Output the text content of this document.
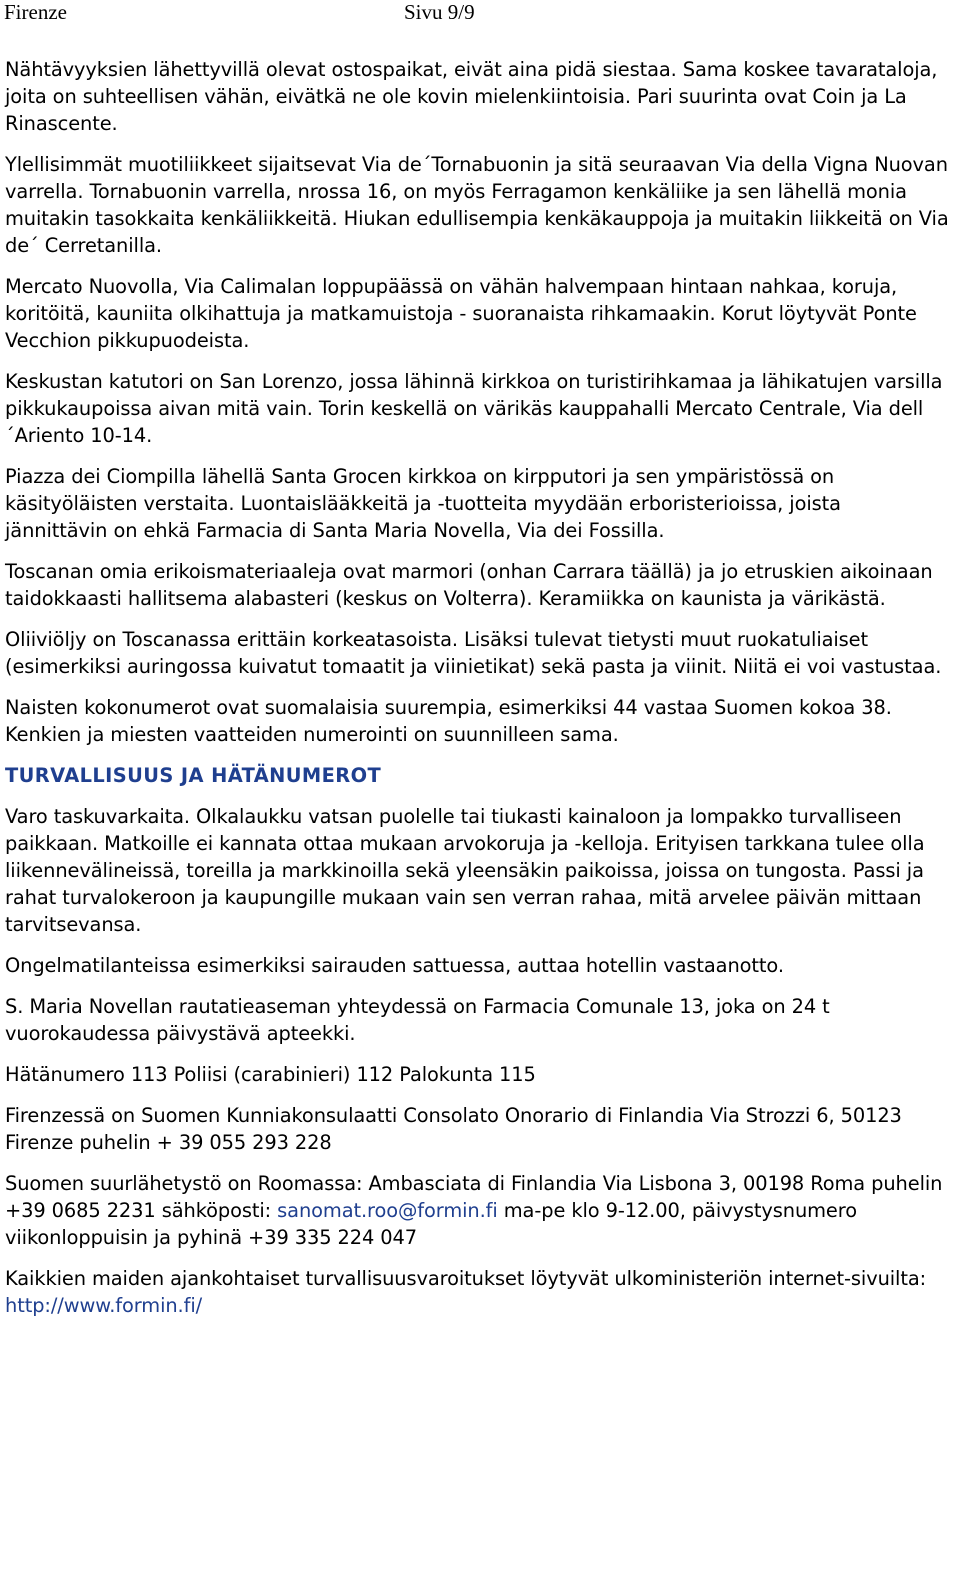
Firenze	Sivu 9/9

Nähtävyyksien lähettyvillä olevat ostospaikat, eivät aina pidä siestaa. Sama koskee tavarataloja, joita on suhteellisen vähän, eivätkä ne ole kovin mielenkiintoisia. Pari suurinta ovat Coin ja La Rinascente.

Ylellisimmät muotiliikkeet sijaitsevat Via de´Tornabuonin ja sitä seuraavan Via della Vigna Nuovan varrella. Tornabuonin varrella, nrossa 16, on myös Ferragamon kenkäliike ja sen lähellä monia muitakin tasokkaita kenkäliikkeitä. Hiukan edullisempia kenkäkauppoja ja muitakin liikkeitä on Via de´ Cerretanilla.

Mercato Nuovolla, Via Calimalan loppupäässä on vähän halvempaan hintaan nahkaa, koruja, koritöitä, kauniita olkihattuja ja matkamuistoja - suoranaista rihkamaakin. Korut löytyvät Ponte Vecchion pikkupuodeista.

Keskustan katutori on San Lorenzo, jossa lähinnä kirkkoa on turistirihkamaa ja lähikatujen varsilla pikkukaupoissa aivan mitä vain. Torin keskellä on värikäs kauppahalli Mercato Centrale, Via dell´Ariento 10-14.

Piazza dei Ciompilla lähellä Santa Grocen kirkkoa on kirpputori ja sen ympäristössä on käsityöläisten verstaita. Luontaislääkkeitä ja -tuotteita myydään erboristerioissa, joista jännittävin on ehkä Farmacia di Santa Maria Novella, Via dei Fossilla.

Toscanan omia erikoismateriaaleja ovat marmori (onhan Carrara täällä) ja jo etruskien aikoinaan taidokkaasti hallitsema alabasteri (keskus on Volterra). Keramiikka on kaunista ja värikästä.

Oliiviöljy on Toscanassa erittäin korkeatasoista. Lisäksi tulevat tietysti muut ruokatuliaiset (esimerkiksi auringossa kuivatut tomaatit ja viinietikat) sekä pasta ja viinit. Niitä ei voi vastustaa.

Naisten kokonumerot ovat suomalaisia suurempia, esimerkiksi 44 vastaa Suomen kokoa 38. Kenkien ja miesten vaatteiden numerointi on suunnilleen sama.

TURVALLISUUS JA HÄTÄNUMEROT

Varo taskuvarkaita. Olkalaukku vatsan puolelle tai tiukasti kainaloon ja lompakko turvalliseen paikkaan. Matkoille ei kannata ottaa mukaan arvokoruja ja -kelloja. Erityisen tarkkana tulee olla liikennevälineissä, toreilla ja markkinoilla sekä yleensäkin paikoissa, joissa on tungosta. Passi ja rahat turvalokeroon ja kaupungille mukaan vain sen verran rahaa, mitä arvelee päivän mittaan tarvitsevansa.

Ongelmatilanteissa esimerkiksi sairauden sattuessa, auttaa hotellin vastaanotto.

S. Maria Novellan rautatieaseman yhteydessä on Farmacia Comunale 13, joka on 24 t vuorokaudessa päivystävä apteekki.

Hätänumero 113 Poliisi (carabinieri) 112 Palokunta 115

Firenzessä on Suomen Kunniakonsulaatti Consolato Onorario di Finlandia Via Strozzi 6, 50123 Firenze puhelin + 39 055 293 228

Suomen suurlähetystö on Roomassa: Ambasciata di Finlandia Via Lisbona 3, 00198 Roma puhelin +39 0685 2231 sähköposti: sanomat.roo@formin.fi ma-pe klo 9-12.00, päivystysnumero viikonloppuisin ja pyhinä +39 335 224 047

Kaikkien maiden ajankohtaiset turvallisuusvaroitukset löytyvät ulkoministeriön internet-sivuilta: http://www.formin.fi/
